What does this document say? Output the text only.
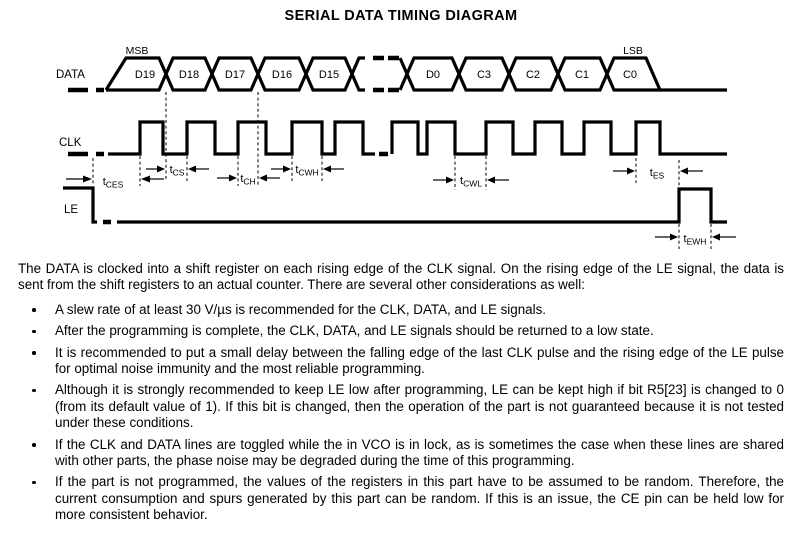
SERIAL DATA TIMING DIAGRAM
DATA
MSB	LSB
D19 D18 D17 D16 D15	D0	C3	C2	C1	C0
CLK
LE
$t_{CES}$
$t_{CS}$
$t_{CH}$
$t_{CWH}$
$t_{CWL}$
$t_{ES}$
$t_{EWH}$

The DATA is clocked into a shift register on each rising edge of the CLK signal. On the rising edge of the LE signal, the data is sent from the shift registers to an actual counter. There are several other considerations as well:

A slew rate of at least 30 V/µs is recommended for the CLK, DATA, and LE signals.
After the programming is complete, the CLK, DATA, and LE signals should be returned to a low state.
It is recommended to put a small delay between the falling edge of the last CLK pulse and the rising edge of the LE pulse for optimal noise immunity and the most reliable programming.
Although it is strongly recommended to keep LE low after programming, LE can be kept high if bit R5[23] is changed to 0 (from its default value of 1). If this bit is changed, then the operation of the part is not guaranteed because it is not tested under these conditions.
If the CLK and DATA lines are toggled while the in VCO is in lock, as is sometimes the case when these lines are shared with other parts, the phase noise may be degraded during the time of this programming.
If the part is not programmed, the values of the registers in this part have to be assumed to be random. Therefore, the current consumption and spurs generated by this part can be random. If this is an issue, the CE pin can be held low for more consistent behavior.
